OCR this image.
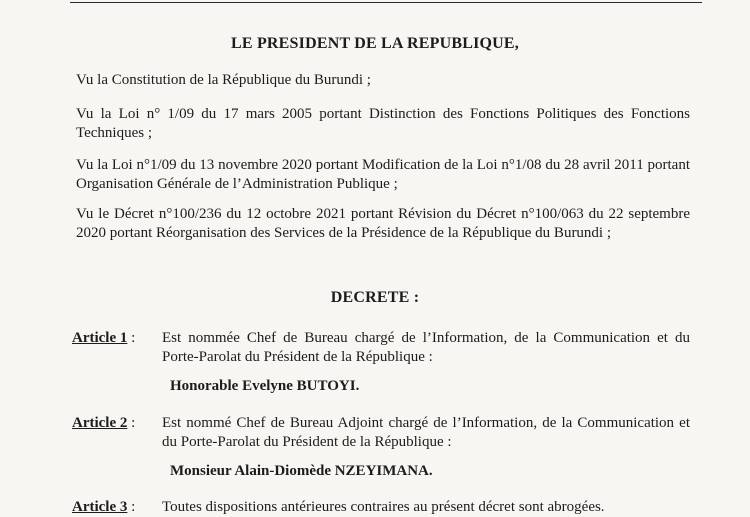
LE PRESIDENT DE LA REPUBLIQUE,
Vu la Constitution de la République du Burundi ;
Vu la Loi n° 1/09 du 17 mars 2005 portant Distinction des Fonctions Politiques des Fonctions Techniques ;
Vu la Loi n°1/09 du 13 novembre 2020 portant Modification de la Loi n°1/08 du 28 avril 2011 portant Organisation Générale de l’Administration Publique ;
Vu le Décret n°100/236 du 12 octobre 2021 portant Révision du Décret n°100/063 du 22 septembre 2020 portant Réorganisation des Services de la Présidence de la République du Burundi ;
DECRETE :
Article 1 : Est nommée Chef de Bureau chargé de l’Information, de la Communication et du Porte-Parolat du Président de la République :
Honorable Evelyne BUTOYI.
Article 2 : Est nommé Chef de Bureau Adjoint chargé de l’Information, de la Communication et du Porte-Parolat du Président de la République :
Monsieur Alain-Diomède NZEYIMANA.
Article 3 : Toutes dispositions antérieures contraires au présent décret sont abrogées.
